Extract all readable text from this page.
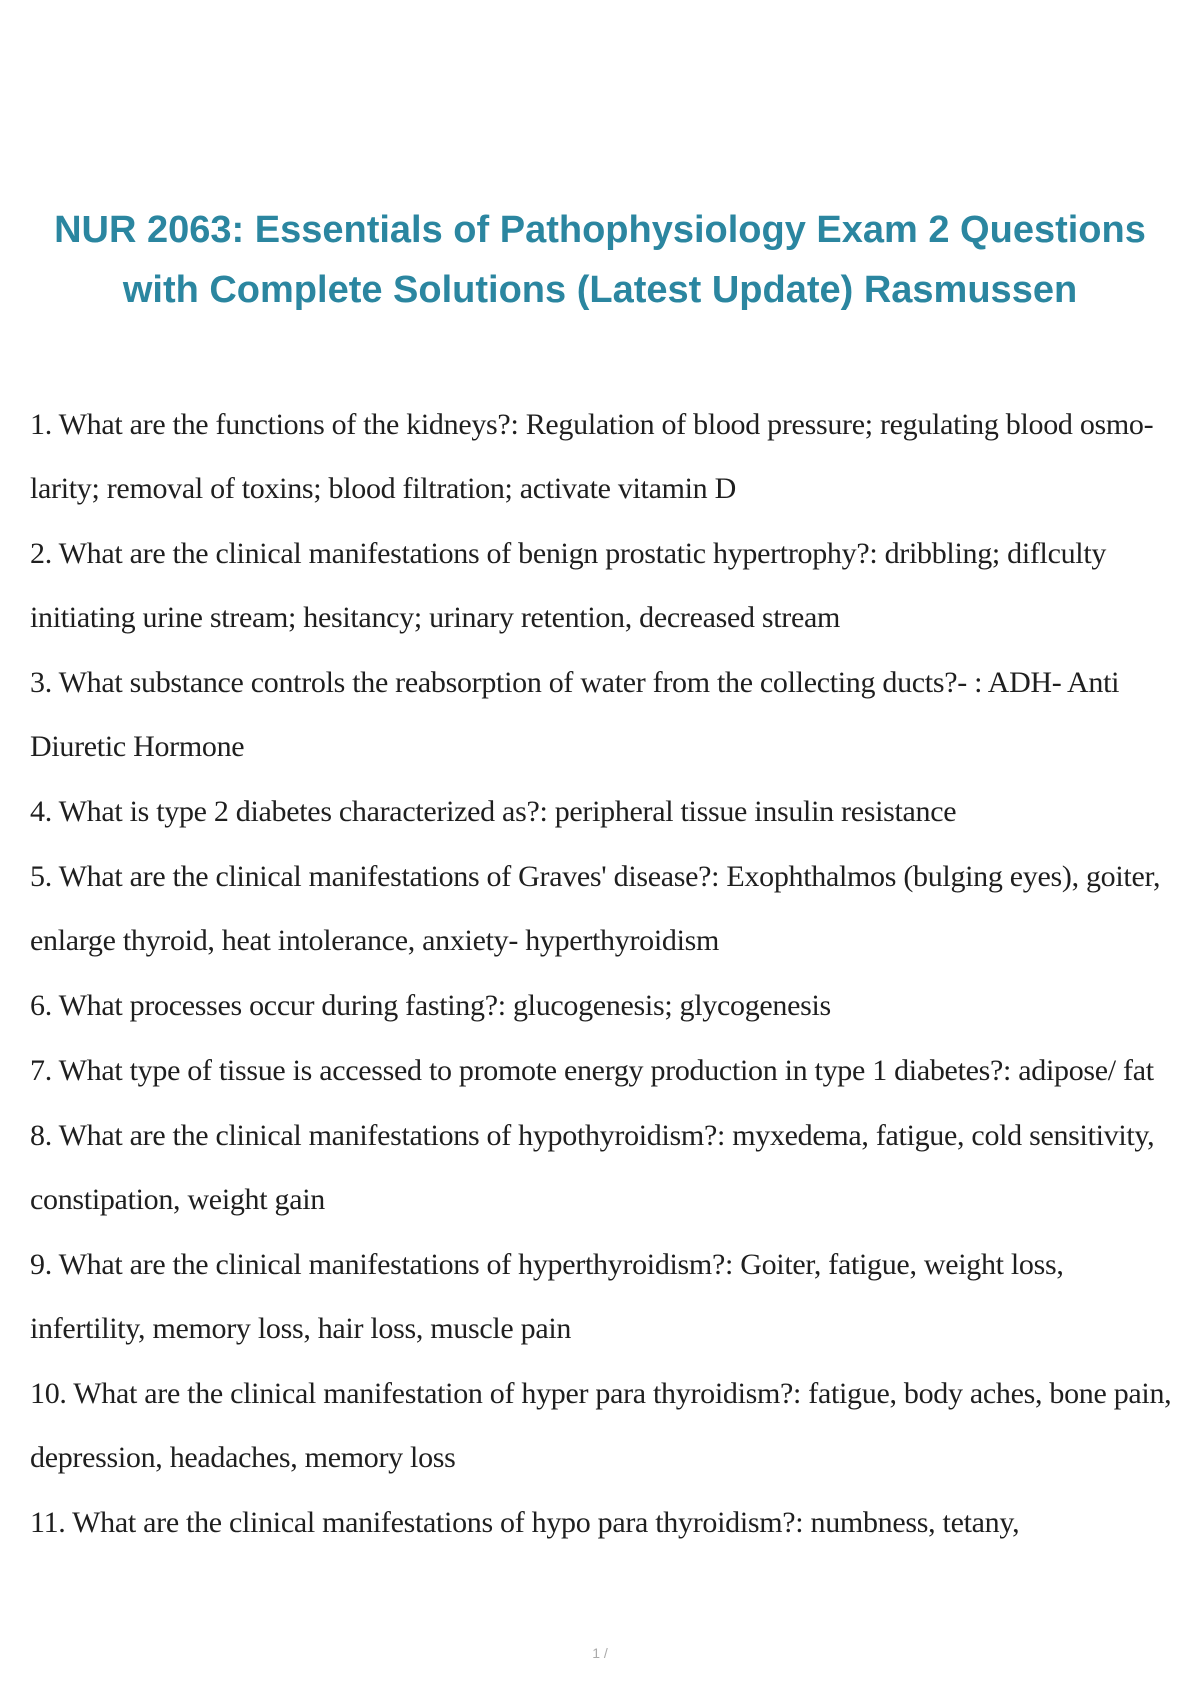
NUR 2063: Essentials of Pathophysiology Exam 2 Questions with Complete Solutions (Latest Update) Rasmussen
1. What are the functions of the kidneys?: Regulation of blood pressure; regulating blood osmo-larity; removal of toxins; blood filtration; activate vitamin D
2. What are the clinical manifestations of benign prostatic hypertrophy?: dribbling; diflculty initiating urine stream; hesitancy; urinary retention, decreased stream
3. What substance controls the reabsorption of water from the collecting ducts?- : ADH- Anti Diuretic Hormone
4. What is type 2 diabetes characterized as?: peripheral tissue insulin resistance
5. What are the clinical manifestations of Graves' disease?: Exophthalmos (bulging eyes), goiter, enlarge thyroid, heat intolerance, anxiety- hyperthyroidism
6. What processes occur during fasting?: glucogenesis; glycogenesis
7. What type of tissue is accessed to promote energy production in type 1 diabetes?: adipose/ fat
8. What are the clinical manifestations of hypothyroidism?: myxedema, fatigue, cold sensitivity, constipation, weight gain
9. What are the clinical manifestations of hyperthyroidism?: Goiter, fatigue, weight loss, infertility, memory loss, hair loss, muscle pain
10. What are the clinical manifestation of hyper para thyroidism?: fatigue, body aches, bone pain, depression, headaches, memory loss
11. What are the clinical manifestations of hypo para thyroidism?: numbness, tetany,
1 /
